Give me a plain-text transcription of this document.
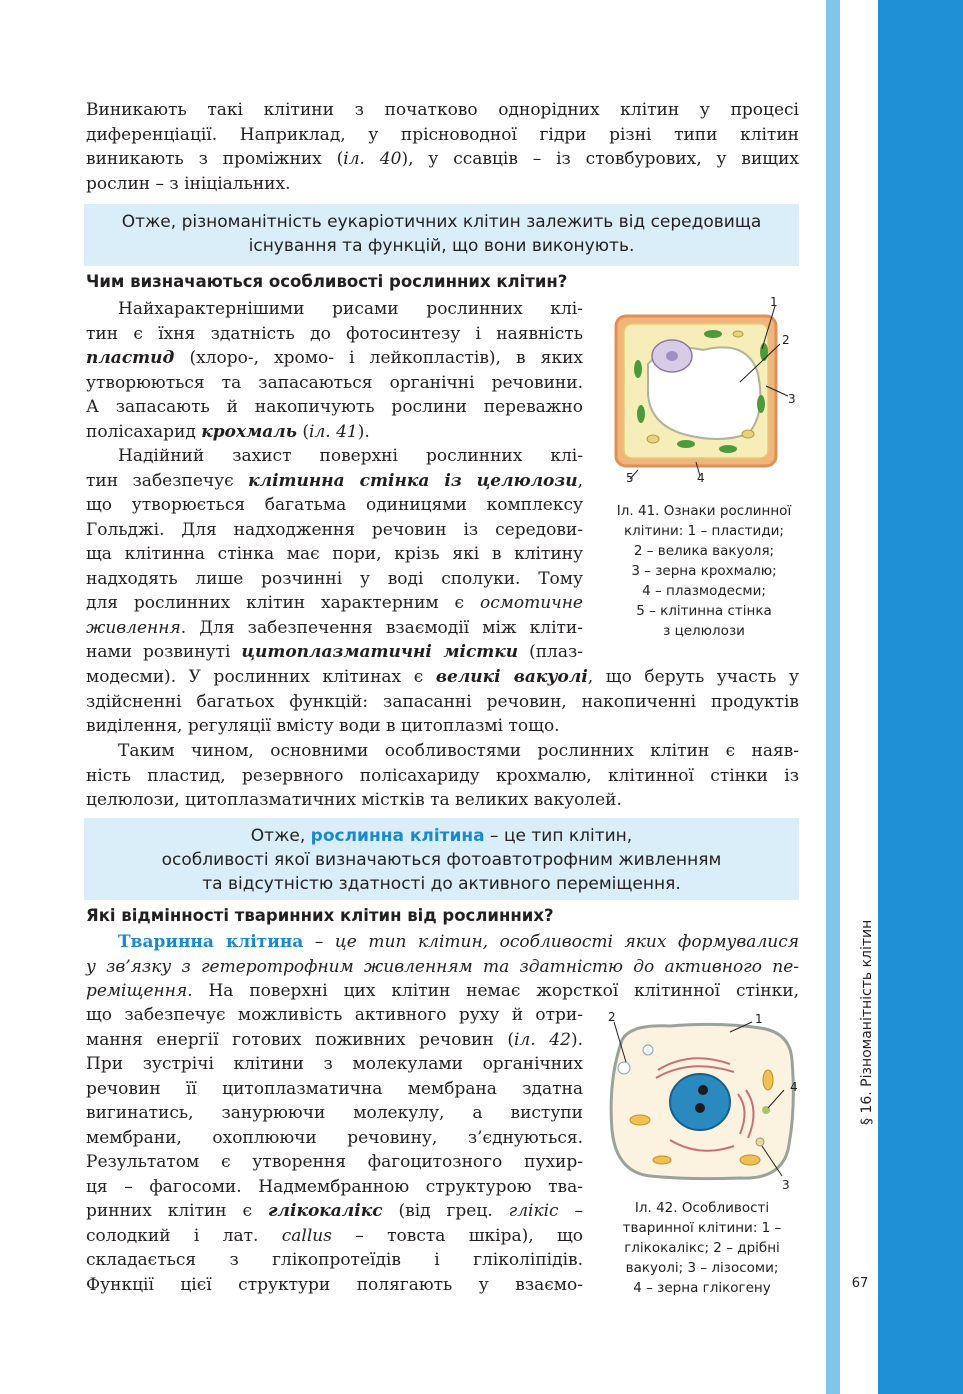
§ 16. Різноманітність клітин
67
Виникають такі клітини з початково однорідних клітин у процесі
диференціації. Наприклад, у прісноводної гідри різні типи клітин
виникають з проміжних (іл. 40), у ссавців – із стовбурових, у вищих
рослин – з ініціальних.
Отже, різноманітність еукаріотичних клітин залежить від середовища
існування та функцій, що вони виконують.
Чим визначаються особливості рослинних клітин?
Найхарактернішими рисами рослинних клі-
тин є їхня здатність до фотосинтезу і наявність
пластид (хлоро-, хромо- і лейкопластів), в яких
утворюються та запасаються органічні речовини.
А запасають й накопичують рослини переважно
полісахарид крохмаль (іл. 41).
Надійний захист поверхні рослинних клі-
тин забезпечує клітинна стінка із целюлози,
що утворюється багатьма одиницями комплексу
Гольджі. Для надходження речовин із середови-
ща клітинна стінка має пори, крізь які в клітину
надходять лише розчинні у воді сполуки. Тому
для рослинних клітин характерним є осмотичне
живлення. Для забезпечення взаємодії між кліти-
нами розвинуті цитоплазматичні містки (плаз-
модесми). У рослинних клітинах є великі вакуолі, що беруть участь у
здійсненні багатьох функцій: запасанні речовин, накопиченні продуктів
виділення, регуляції вмісту води в цитоплазмі тощо.
Таким чином, основними особливостями рослинних клітин є наяв-
ність пластид, резервного полісахариду крохмалю, клітинної стінки із
целюлози, цитоплазматичних містків та великих вакуолей.
1
2
3
5	4
Іл. 41. Ознаки рослинної
клітини: 1 – пластиди;
2 – велика вакуоля;
3 – зерна крохмалю;
4 – плазмодесми;
5 – клітинна стінка
з целюлози
Отже, рослинна клітина – це тип клітин,
особливості якої визначаються фотоавтотрофним живленням
та відсутністю здатності до активного переміщення.
Які відмінності тваринних клітин від рослинних?
Тваринна клітина – це тип клітин, особливості яких формувалися
у зв’язку з гетеротрофним живленням та здатністю до активного пе-
реміщення. На поверхні цих клітин немає жорсткої клітинної стінки,
що забезпечує можливість активного руху й отри-
мання енергії готових поживних речовин (іл. 42).
При зустрічі клітини з молекулами органічних
речовин її цитоплазматична мембрана здатна
вигинатись, занурюючи молекулу, а виступи
мембрани, охоплюючи речовину, з’єднуються.
Результатом є утворення фагоцитозного пухир-
ця – фагосоми. Надмембранною структурою тва-
ринних клітин є глікокалікс (від грец. глікіс –
солодкий і лат. callus – товста шкіра), що
складається з глікопротеїдів і гліколіпідів.
Функції цієї структури полягають у взаємо-
2	1
4
3
Іл. 42. Особливості
тваринної клітини: 1 –
глікокалікс; 2 – дрібні
вакуолі; 3 – лізосоми;
4 – зерна глікогену
